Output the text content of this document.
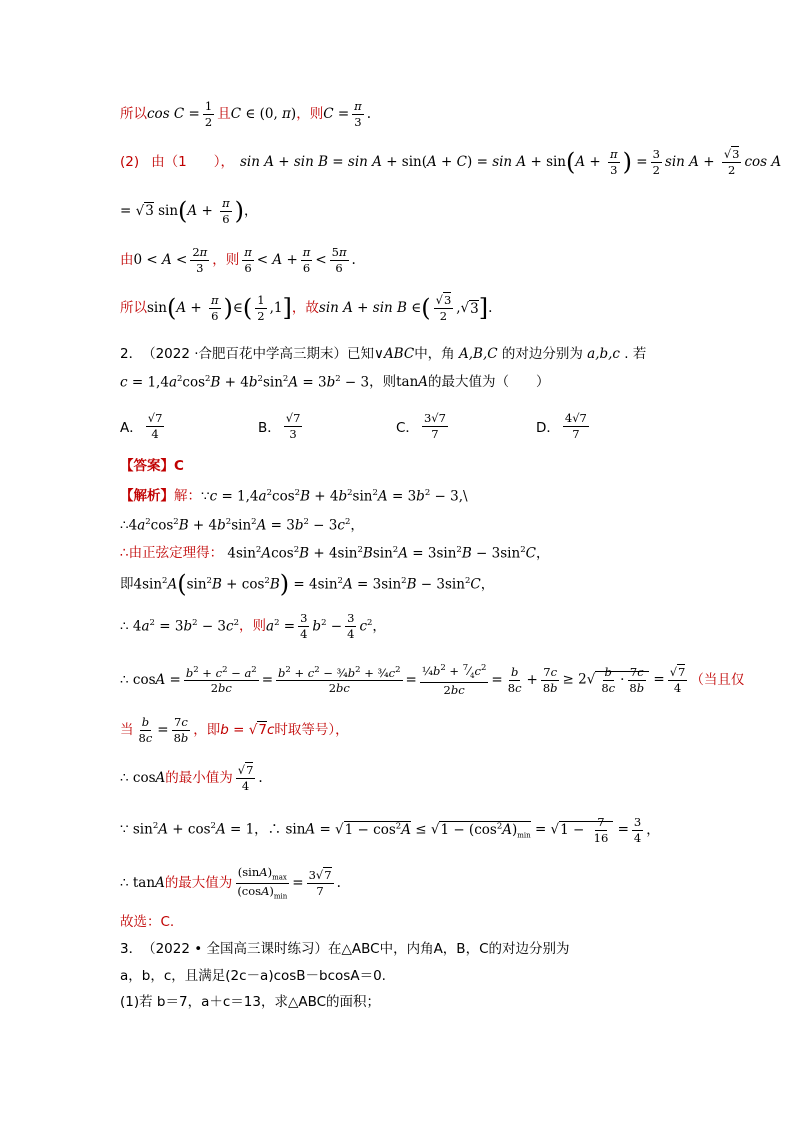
所以 $\cos C = \frac{1}{2}$ 且 C ∈ (0, π) ，则 $C = \frac{\pi}{3}$ .
(2) 由（1　　）， sin A + sin B = sin A + sin(A + C) = sin A + sin ( $A + \frac{\pi}{3}$ ) = $\frac{3}{2}$ $\sin A + \frac{√3}{2}$ cos A
= √3 sin ( $A + \frac{\pi}{6}$ ) ，
由 $0 < A < \frac{2\pi}{3}$ ，则 $\frac{\pi}{6} < A + \frac{\pi}{6} < \frac{5\pi}{6}$ .
所以 sin ( $A + \frac{\pi}{6}$ ) ∈ ( $\frac{1}{2} ,1$ ] ，故 sin A + sin B ∈ ( $\frac{√3}{2}$ ,√ 3 ] .
2． （2022 ·合肥百花中学高三期末） 已知 ∨ABC 中，角 A,B,C 的对边分别为 a,b,c . 若
$c = 1,4a^2\cos^2B + 4b^2\sin^2A = 3b^2 - 3$ ，则 tanA 的最大值为（　　）
A． $\frac{√7}{4}$	B． $\frac{√7}{3}$	C． $\frac{3√7}{7}$	D． $\frac{4√7}{7}$
【答案】C
【解析】 解： ∵c = $1,4a^2\cos^2B + 4b^2\sin^2A = 3b^2$ − 3,\
$\therefore 4a^2\cos^2B + 4b^2\sin^2A = 3b^2 - 3c^2$，
∴由正弦定理得： $4\sin^2Acos^2B + 4\sin^2Bsin^2A = 3\sin^2B - 3\sin^2C$，
即 $4\sin^2A$ ( $\sin^2B + \cos^2B$ ) = $4\sin^2A = 3\sin^2B - 3\sin^2C$，
∴ $4a^2 = 3b^2 - 3c^2$ ，则 $a^2 = \frac{3}{4} b^2 - \frac{3}{4} c^2$，
∴ $\cos A = \frac{b^2 + c^2 - a^2}{2bc} = \frac{b^2 + c^2 - \frac{3}{4}b^2 + \frac{3}{4}c^2}{2bc} = \frac{\frac{1}{4}b^2 + ^7⁄_4c^2}{2bc} = \frac{b}{8c} + \frac{7c}{8b} \ge 2√ \frac{b}{8c} \cdot \frac{7c}{8b} = \frac{√7}{4}$ （当且仅
当 $\frac{b}{8c} = \frac{7c}{8b}$ ，即 b = √7c 时取等号），
∴ cosA 的最小值为 $\frac{√7}{4}$ .
∵ $\sin^2A + \cos^2A = 1$，∴ $\sin A = √1 - \cos^2A \le √1 - (\cos^2A)_{min} = √1 - \frac{7}{16} = \frac{3}{4}$ ，
∴ tanA 的最大值为 $\frac{(\sin A)_{max}}{(\cos A)_{min}} = \frac{3√7}{7}$ .
故选：C.
3． （2022 • 全国高三课时练习） 在△ABC中，内角A，B，C的对边分别为
a，b，c，且满足(2c－a)cosB－bcosA＝0.
(1)若 b＝7，a＋c＝13，求△ABC的面积；
